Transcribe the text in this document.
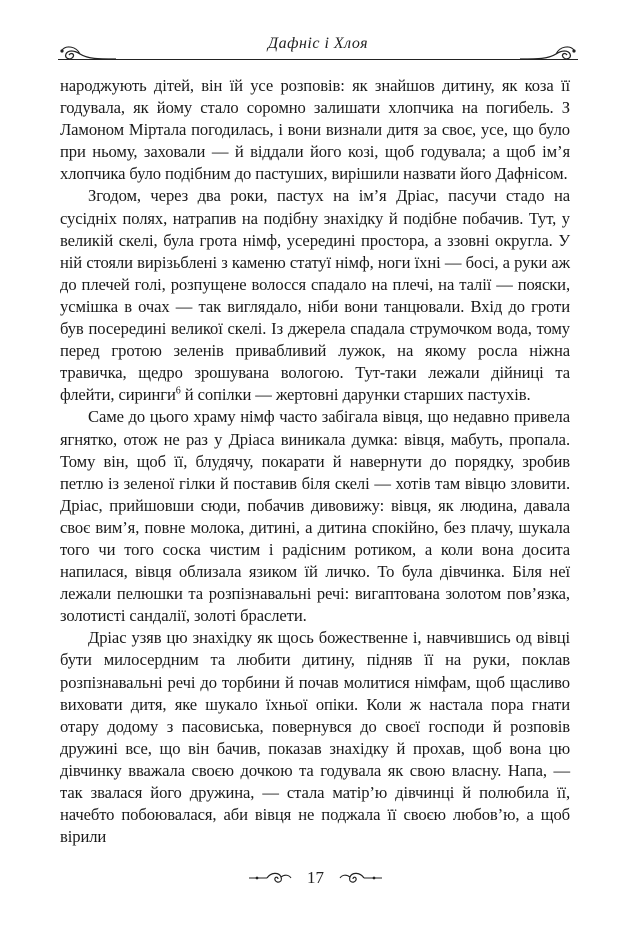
Дафніс і Хлоя

народжують дітей, він їй усе розповів: як знайшов дитину, як коза її годувала, як йому стало соромно залишати хлопчика на погибель. З Ламоном Міртала погодилась, і вони визнали дитя за своє, усе, що було при ньому, заховали — й віддали його козі, щоб годувала; а щоб ім’я хлопчика було подібним до пастуших, вирішили назвати його Дафнісом.

Згодом, через два роки, пастух на ім’я Дріас, пасучи стадо на сусідніх полях, натрапив на подібну знахідку й подібне побачив. Тут, у великій скелі, була грота німф, усередині простора, а ззовні округла. У ній стояли вирізьблені з каменю статуї німф, ноги їхні — босі, а руки аж до плечей голі, розпущене волосся спадало на плечі, на талії — пояски, усмішка в очах — так виглядало, ніби вони танцювали. Вхід до гроти був посередині великої скелі. Із джерела спадала струмочком вода, тому перед гротою зеленів привабливий лужок, на якому росла ніжна травичка, щедро зрошувана вологою. Тут-таки лежали дійниці та флейти, сиринги$^6$ й сопілки — жертовні дарунки старших пастухів.

Саме до цього храму німф часто забігала вівця, що недавно привела ягнятко, отож не раз у Дріаса виникала думка: вівця, мабуть, пропала. Тому він, щоб її, блудячу, покарати й навернути до порядку, зробив петлю із зеленої гілки й поставив біля скелі — хотів там вівцю зловити. Дріас, прийшовши сюди, побачив дивовижу: вівця, як людина, давала своє вим’я, повне молока, дитині, а дитина спокійно, без плачу, шукала того чи того соска чистим і радісним ротиком, а коли вона досита напилася, вівця облизала язиком їй личко. То була дівчинка. Біля неї лежали пелюшки та розпізнавальні речі: вигаптована золотом пов’язка, золотисті сандалії, золоті браслети.

Дріас узяв цю знахідку як щось божественне і, навчившись од вівці бути милосердним та любити дитину, підняв її на руки, поклав розпізнавальні речі до торбини й почав молитися німфам, щоб щасливо виховати дитя, яке шукало їхньої опіки. Коли ж настала пора гнати отару додому з пасовиська, повернувся до своєї господи й розповів дружині все, що він бачив, показав знахідку й прохав, щоб вона цю дівчинку вважала своєю дочкою та годувала як свою власну. Напа, — так звалася його дружина, — стала матір’ю дівчинці й полюбила її, начебто побоювалася, аби вівця не поджала її своєю любов’ю, а щоб вірили

17
